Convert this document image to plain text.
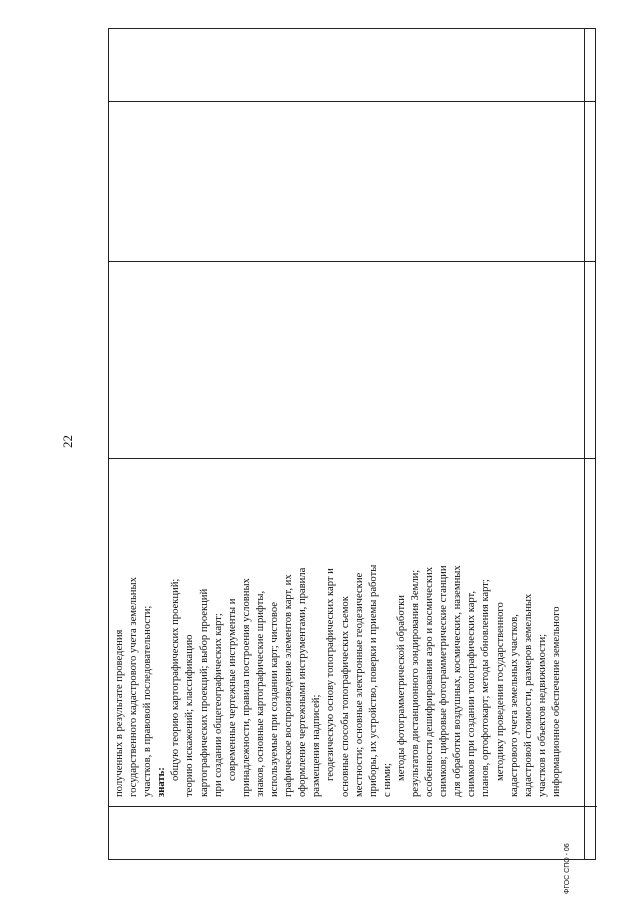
22
полученных в результате проведения государственного кадастрового учета земельных участков, в правовой последовательности; знать:
общую теорию картографических проекций; теорию искажений; классификацию картографических проекций; выбор проекций при создании общегеографических карт; современные чертежные инструменты и принадлежности, правила построения условных знаков, основные картографические шрифты, используемые при создании карт; чистовое графическое воспроизведение элементов карт, их оформление чертежными инструментами, правила размещения надписей; геодезическую основу топографических карт и основные способы топографических съемок местности; основные электронные геодезические приборы, их устройство, поверки и приемы работы с ними; методы фотограмметрической обработки результатов дистанционного зондирования Земли; особенности дешифрирования аэро и космических снимков; цифровые фотограмметрические станции для обработки воздушных, космических, наземных снимков при создании топографических карт, планов, ортофотокарт; методы обновления карт; методику проведения государственного кадастрового учета земельных участков, кадастровой стоимости, размеров земельных участков и объектов недвижимости; информационное обеспечение земельного
ФГОС СПО - 06
